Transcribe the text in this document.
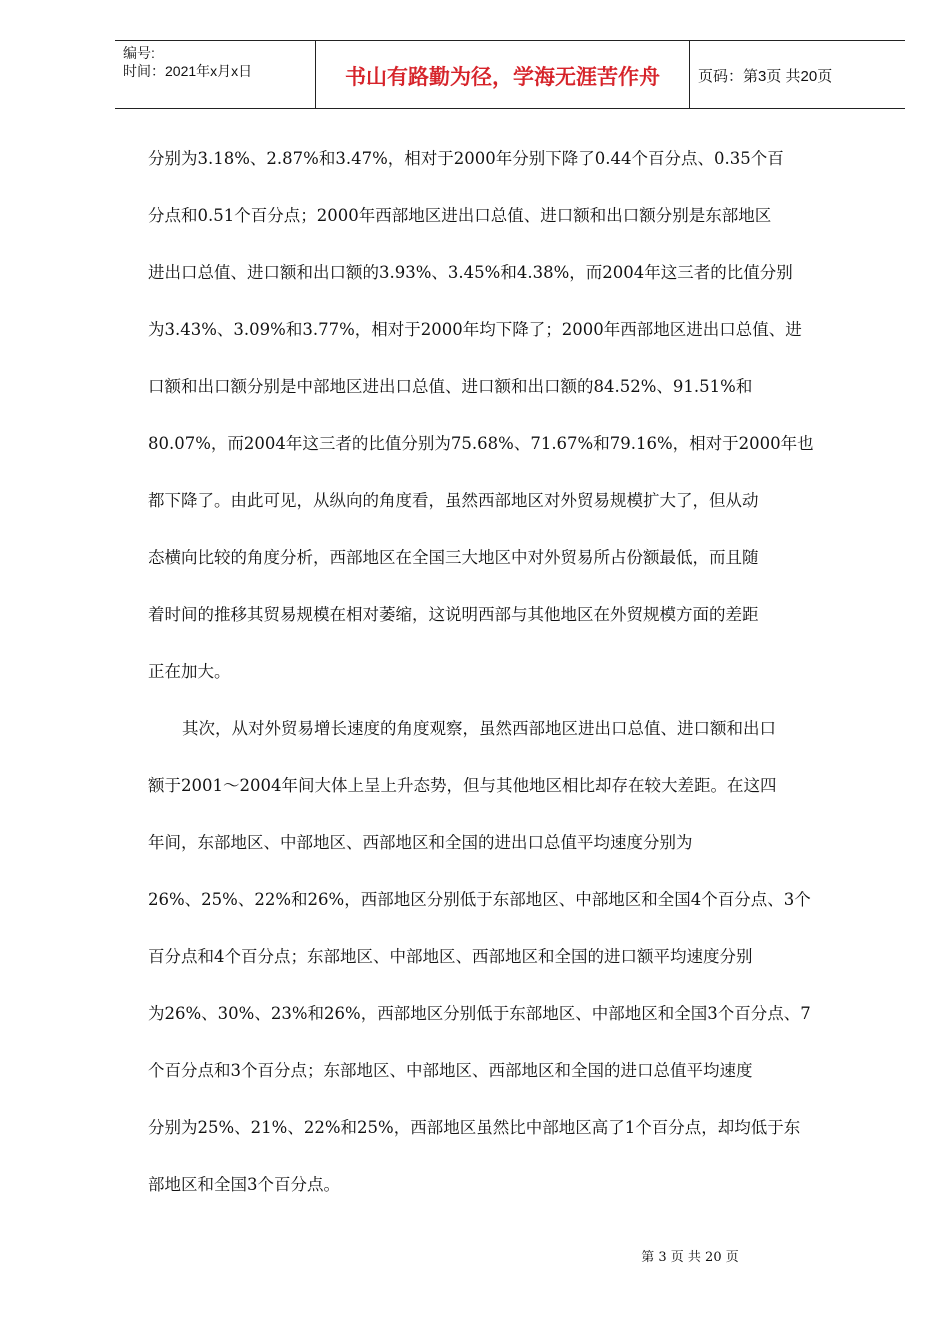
编号:
时间：2021年x月x日	书山有路勤为径，学海无涯苦作舟	页码：第3页 共20页

分别为3.18%、2.87%和3.47%，相对于2000年分别下降了0.44个百分点、0.35个百

分点和0.51个百分点；2000年西部地区进出口总值、进口额和出口额分别是东部地区

进出口总值、进口额和出口额的3.93%、3.45%和4.38%，而2004年这三者的比值分别

为3.43%、3.09%和3.77%，相对于2000年均下降了；2000年西部地区进出口总值、进

口额和出口额分别是中部地区进出口总值、进口额和出口额的84.52%、91.51%和

80.07%，而2004年这三者的比值分别为75.68%、71.67%和79.16%，相对于2000年也

都下降了。由此可见，从纵向的角度看，虽然西部地区对外贸易规模扩大了，但从动

态横向比较的角度分析，西部地区在全国三大地区中对外贸易所占份额最低，而且随

着时间的推移其贸易规模在相对萎缩，这说明西部与其他地区在外贸规模方面的差距

正在加大。

其次，从对外贸易增长速度的角度观察，虽然西部地区进出口总值、进口额和出口

额于2001～2004年间大体上呈上升态势，但与其他地区相比却存在较大差距。在这四

年间，东部地区、中部地区、西部地区和全国的进出口总值平均速度分别为

26%、25%、22%和26%，西部地区分别低于东部地区、中部地区和全国4个百分点、3个

百分点和4个百分点；东部地区、中部地区、西部地区和全国的进口额平均速度分别

为26%、30%、23%和26%，西部地区分别低于东部地区、中部地区和全国3个百分点、7

个百分点和3个百分点；东部地区、中部地区、西部地区和全国的进口总值平均速度

分别为25%、21%、22%和25%，西部地区虽然比中部地区高了1个百分点，却均低于东

部地区和全国3个百分点。

第 3 页 共 20 页
